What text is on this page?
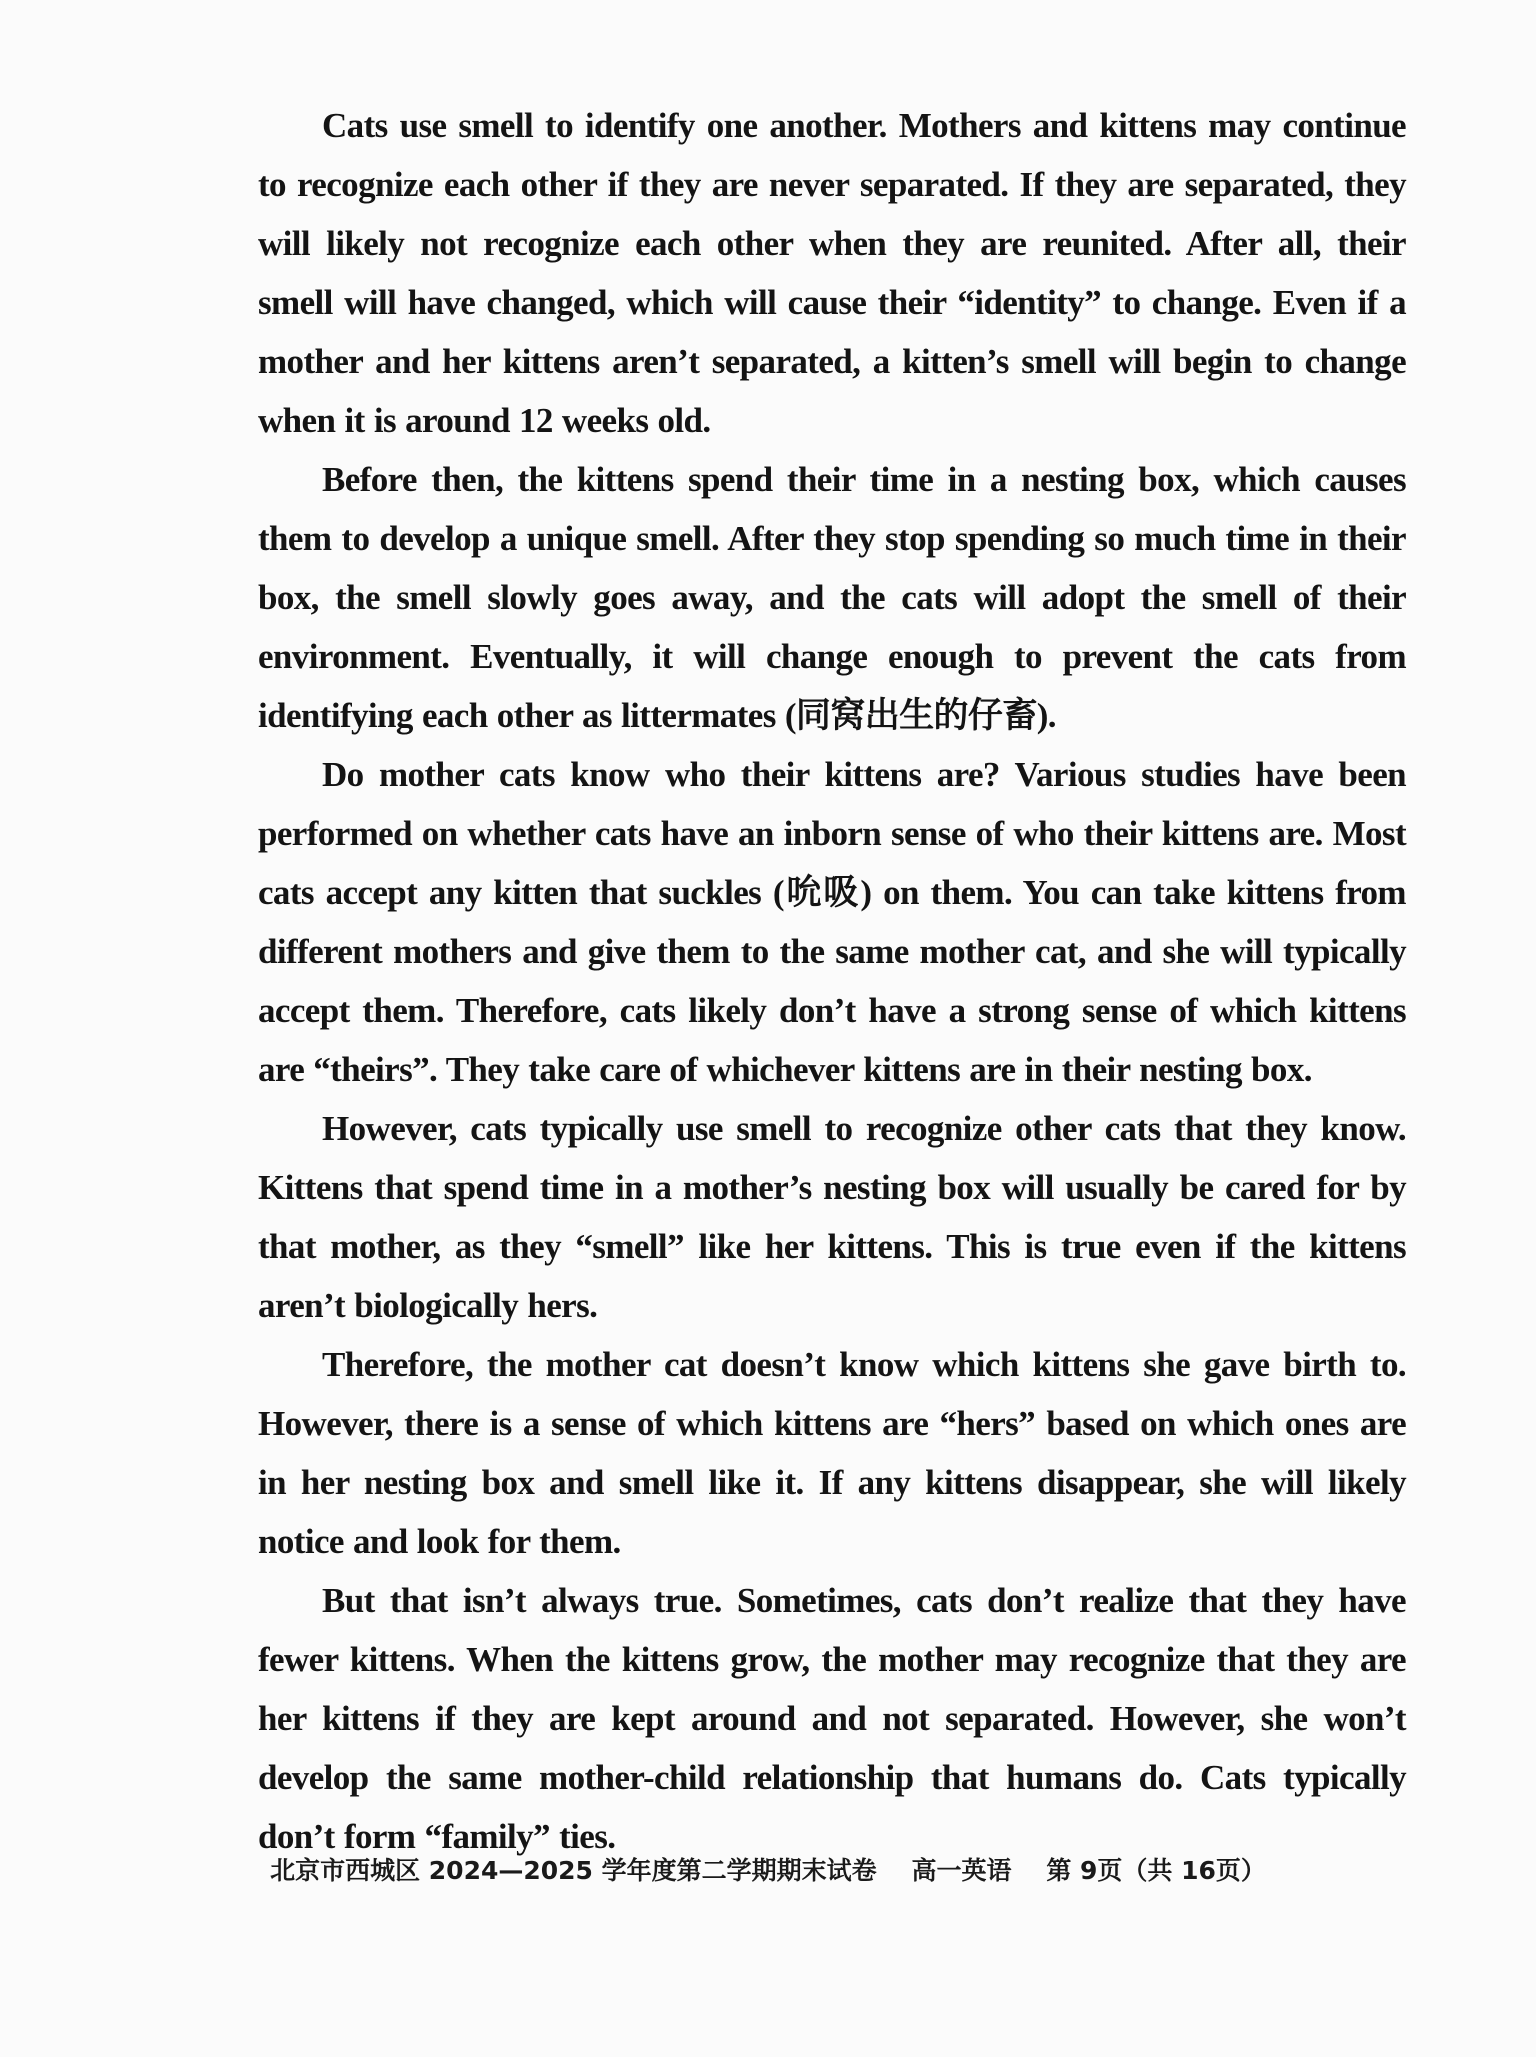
Cats use smell to identify one another. Mothers and kittens may continue to recognize each other if they are never separated. If they are separated, they will likely not recognize each other when they are reunited. After all, their smell will have changed, which will cause their “identity” to change. Even if a mother and her kittens aren’t separated, a kitten’s smell will begin to change when it is around 12 weeks old.

Before then, the kittens spend their time in a nesting box, which causes them to develop a unique smell. After they stop spending so much time in their box, the smell slowly goes away, and the cats will adopt the smell of their environment. Eventually, it will change enough to prevent the cats from identifying each other as littermates (同窝出生的仔畜).

Do mother cats know who their kittens are? Various studies have been performed on whether cats have an inborn sense of who their kittens are. Most cats accept any kitten that suckles (吮吸) on them. You can take kittens from different mothers and give them to the same mother cat, and she will typically accept them. Therefore, cats likely don’t have a strong sense of which kittens are “theirs”. They take care of whichever kittens are in their nesting box.

However, cats typically use smell to recognize other cats that they know. Kittens that spend time in a mother’s nesting box will usually be cared for by that mother, as they “smell” like her kittens. This is true even if the kittens aren’t biologically hers.

Therefore, the mother cat doesn’t know which kittens she gave birth to. However, there is a sense of which kittens are “hers” based on which ones are in her nesting box and smell like it. If any kittens disappear, she will likely notice and look for them.

But that isn’t always true. Sometimes, cats don’t realize that they have fewer kittens. When the kittens grow, the mother may recognize that they are her kittens if they are kept around and not separated. However, she won’t develop the same mother-child relationship that humans do. Cats typically don’t form “family” ties.

北京市西城区 2024—2025 学年度第二学期期末试卷 高一英语 第 9页（共 16页）
